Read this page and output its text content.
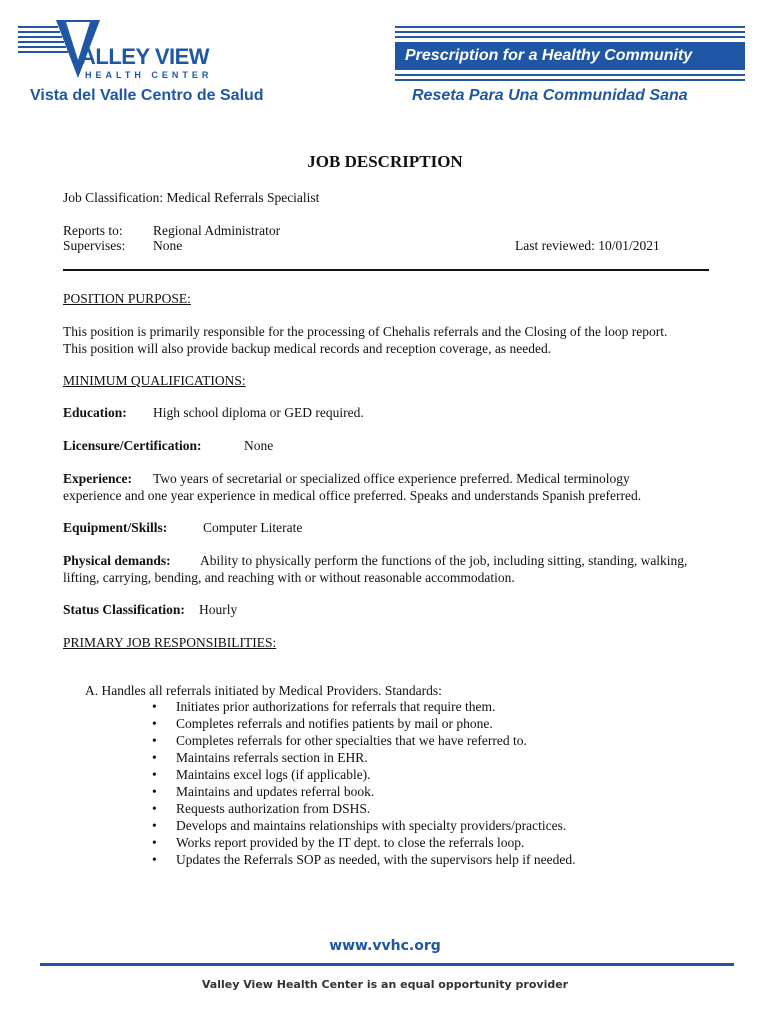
ALLEY VIEW
HEALTH CENTER
Vista del Valle Centro de Salud
Prescription for a Healthy Community
Reseta Para Una Communidad Sana
JOB DESCRIPTION
Job Classification: Medical Referrals Specialist
Reports to: Regional Administrator
Supervises: None	Last reviewed: 10/01/2021
POSITION PURPOSE:
This position is primarily responsible for the processing of Chehalis referrals and the Closing of the loop report.
This position will also provide backup medical records and reception coverage, as needed.
MINIMUM QUALIFICATIONS:
Education: High school diploma or GED required.
Licensure/Certification:	None
Experience: Two years of secretarial or specialized office experience preferred. Medical terminology
experience and one year experience in medical office preferred. Speaks and understands Spanish preferred.
Equipment/Skills:	Computer Literate
Physical demands: Ability to physically perform the functions of the job, including sitting, standing, walking,
lifting, carrying, bending, and reaching with or without reasonable accommodation.
Status Classification: Hourly
PRIMARY JOB RESPONSIBILITIES:
A. Handles all referrals initiated by Medical Providers. Standards:
• Initiates prior authorizations for referrals that require them.
• Completes referrals and notifies patients by mail or phone.
• Completes referrals for other specialties that we have referred to.
• Maintains referrals section in EHR.
• Maintains excel logs (if applicable).
• Maintains and updates referral book.
• Requests authorization from DSHS.
• Develops and maintains relationships with specialty providers/practices.
• Works report provided by the IT dept. to close the referrals loop.
• Updates the Referrals SOP as needed, with the supervisors help if needed.
www.vvhc.org
Valley View Health Center is an equal opportunity provider
